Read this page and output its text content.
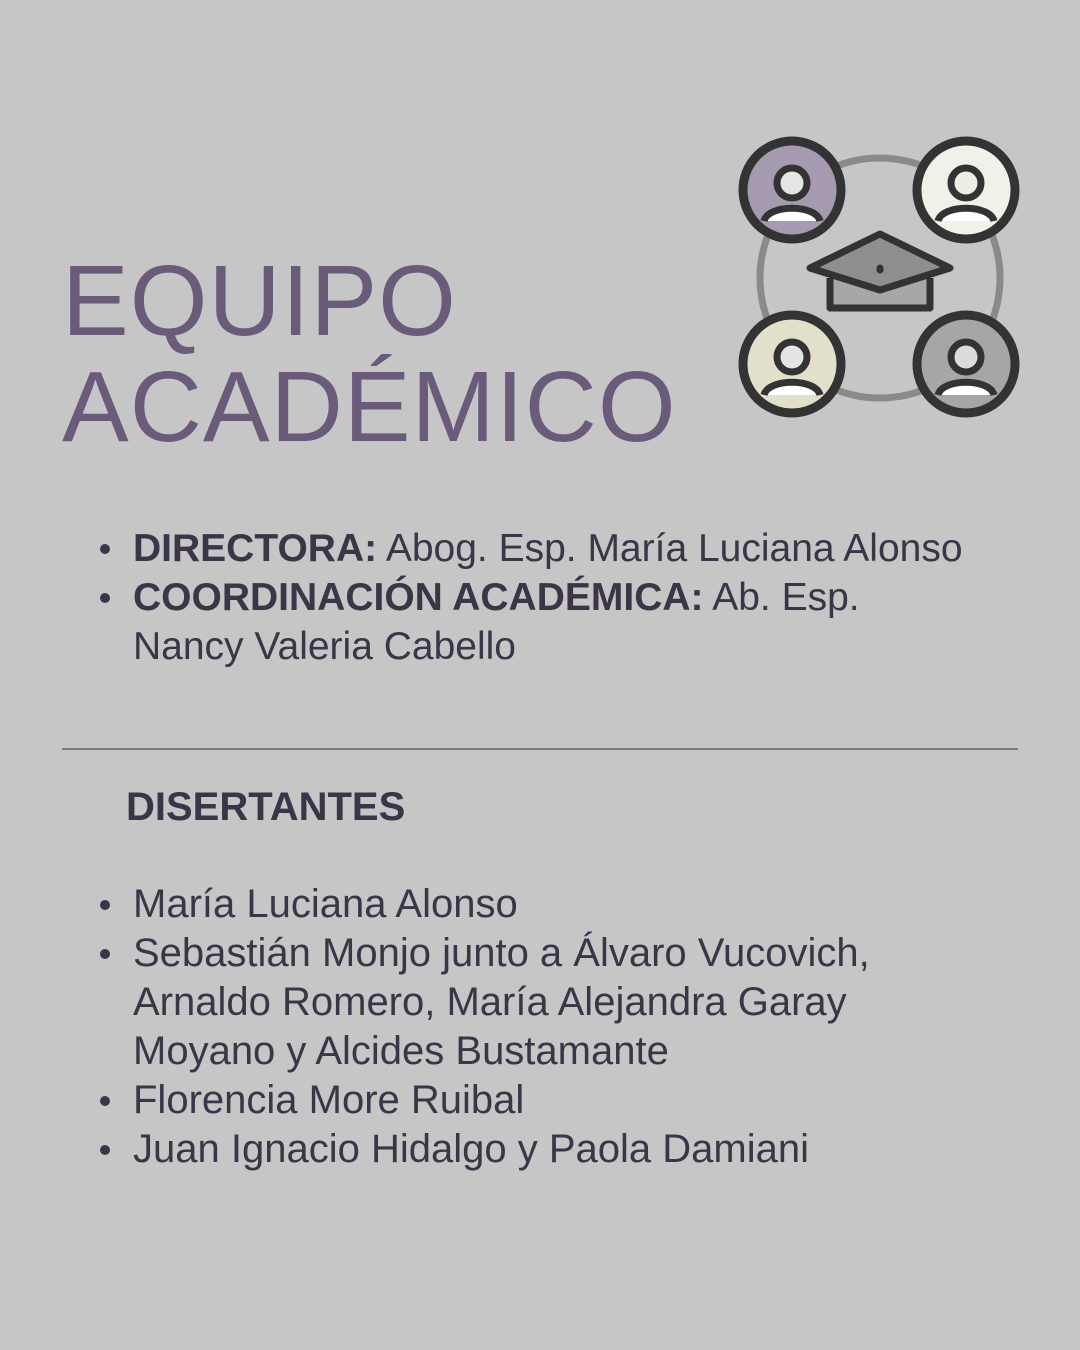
EQUIPO
ACADÉMICO
DIRECTORA: Abog. Esp. María Luciana Alonso
COORDINACIÓN ACADÉMICA: Ab. Esp. Nancy Valeria Cabello
DISERTANTES
María Luciana Alonso
Sebastián Monjo junto a Álvaro Vucovich, Arnaldo Romero, María Alejandra Garay Moyano y Alcides Bustamante
Florencia More Ruibal
Juan Ignacio Hidalgo y Paola Damiani
